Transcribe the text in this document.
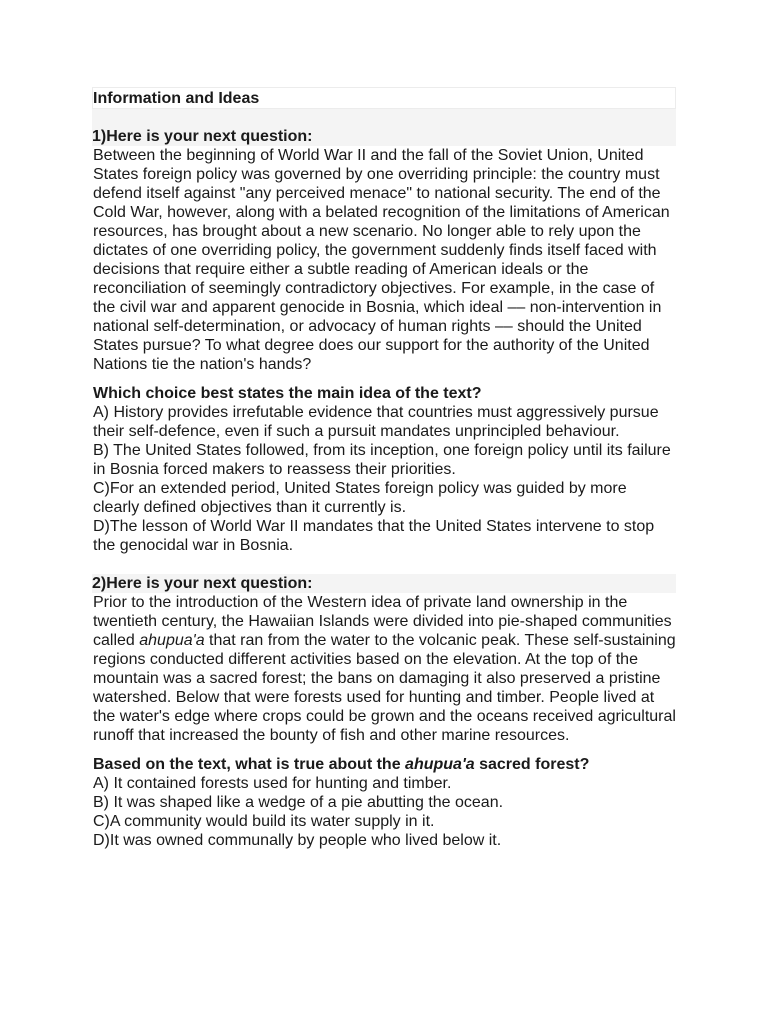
Information and Ideas
1)Here is your next question:

Between the beginning of World War II and the fall of the Soviet Union, United States foreign policy was governed by one overriding principle: the country must defend itself against "any perceived menace" to national security. The end of the Cold War, however, along with a belated recognition of the limitations of American resources, has brought about a new scenario. No longer able to rely upon the dictates of one overriding policy, the government suddenly finds itself faced with decisions that require either a subtle reading of American ideals or the reconciliation of seemingly contradictory objectives. For example, in the case of the civil war and apparent genocide in Bosnia, which ideal –– non-intervention in national self-determination, or advocacy of human rights –– should the United States pursue? To what degree does our support for the authority of the United Nations tie the nation's hands?

Which choice best states the main idea of the text?
A) History provides irrefutable evidence that countries must aggressively pursue their self-defence, even if such a pursuit mandates unprincipled behaviour.
B) The United States followed, from its inception, one foreign policy until its failure in Bosnia forced makers to reassess their priorities.
C)For an extended period, United States foreign policy was guided by more clearly defined objectives than it currently is.
D)The lesson of World War II mandates that the United States intervene to stop the genocidal war in Bosnia.
2)Here is your next question:

Prior to the introduction of the Western idea of private land ownership in the twentieth century, the Hawaiian Islands were divided into pie-shaped communities called ahupua'a that ran from the water to the volcanic peak. These self-sustaining regions conducted different activities based on the elevation. At the top of the mountain was a sacred forest; the bans on damaging it also preserved a pristine watershed. Below that were forests used for hunting and timber. People lived at the water's edge where crops could be grown and the oceans received agricultural runoff that increased the bounty of fish and other marine resources.

Based on the text, what is true about the ahupua'a sacred forest?
A) It contained forests used for hunting and timber.
B) It was shaped like a wedge of a pie abutting the ocean.
C)A community would build its water supply in it.
D)It was owned communally by people who lived below it.
